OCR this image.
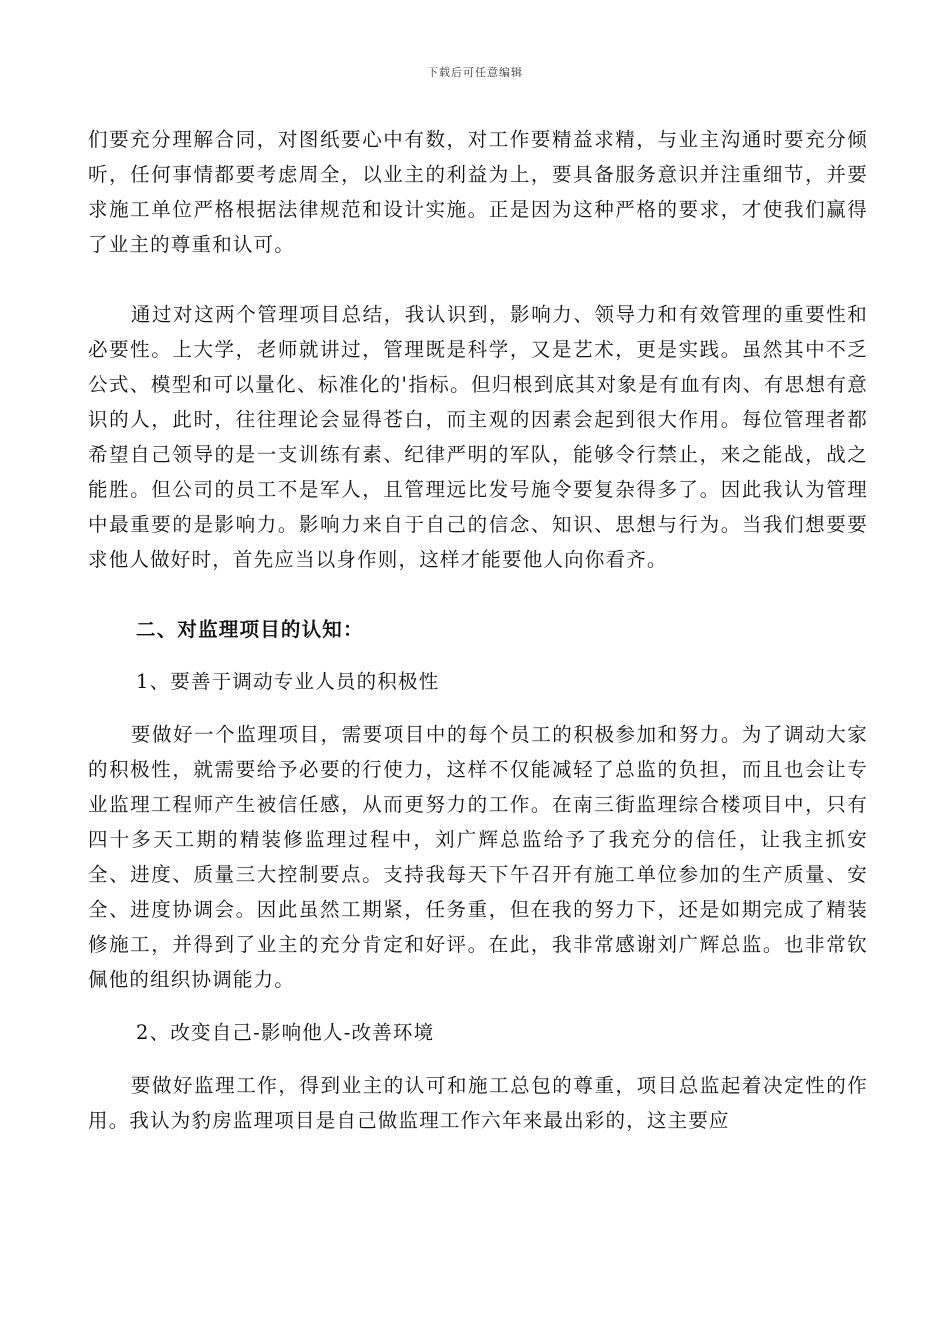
下载后可任意编辑

们要充分理解合同，对图纸要心中有数，对工作要精益求精，与业主沟通时要充分倾听，任何事情都要考虑周全，以业主的利益为上，要具备服务意识并注重细节，并要求施工单位严格根据法律规范和设计实施。正是因为这种严格的要求，才使我们赢得了业主的尊重和认可。

通过对这两个管理项目总结，我认识到，影响力、领导力和有效管理的重要性和必要性。上大学，老师就讲过，管理既是科学，又是艺术，更是实践。虽然其中不乏公式、模型和可以量化、标准化的'指标。但归根到底其对象是有血有肉、有思想有意识的人，此时，往往理论会显得苍白，而主观的因素会起到很大作用。每位管理者都希望自己领导的是一支训练有素、纪律严明的军队，能够令行禁止，来之能战，战之能胜。但公司的员工不是军人，且管理远比发号施令要复杂得多了。因此我认为管理中最重要的是影响力。影响力来自于自己的信念、知识、思想与行为。当我们想要要求他人做好时，首先应当以身作则，这样才能要他人向你看齐。

二、对监理项目的认知：

1、要善于调动专业人员的积极性

要做好一个监理项目，需要项目中的每个员工的积极参加和努力。为了调动大家的积极性，就需要给予必要的行使力，这样不仅能减轻了总监的负担，而且也会让专业监理工程师产生被信任感，从而更努力的工作。在南三街监理综合楼项目中，只有四十多天工期的精装修监理过程中，刘广辉总监给予了我充分的信任，让我主抓安全、进度、质量三大控制要点。支持我每天下午召开有施工单位参加的生产质量、安全、进度协调会。因此虽然工期紧，任务重，但在我的努力下，还是如期完成了精装修施工，并得到了业主的充分肯定和好评。在此，我非常感谢刘广辉总监。也非常钦佩他的组织协调能力。

2、改变自己-影响他人-改善环境

要做好监理工作，得到业主的认可和施工总包的尊重，项目总监起着决定性的作用。我认为豹房监理项目是自己做监理工作六年来最出彩的，这主要应
